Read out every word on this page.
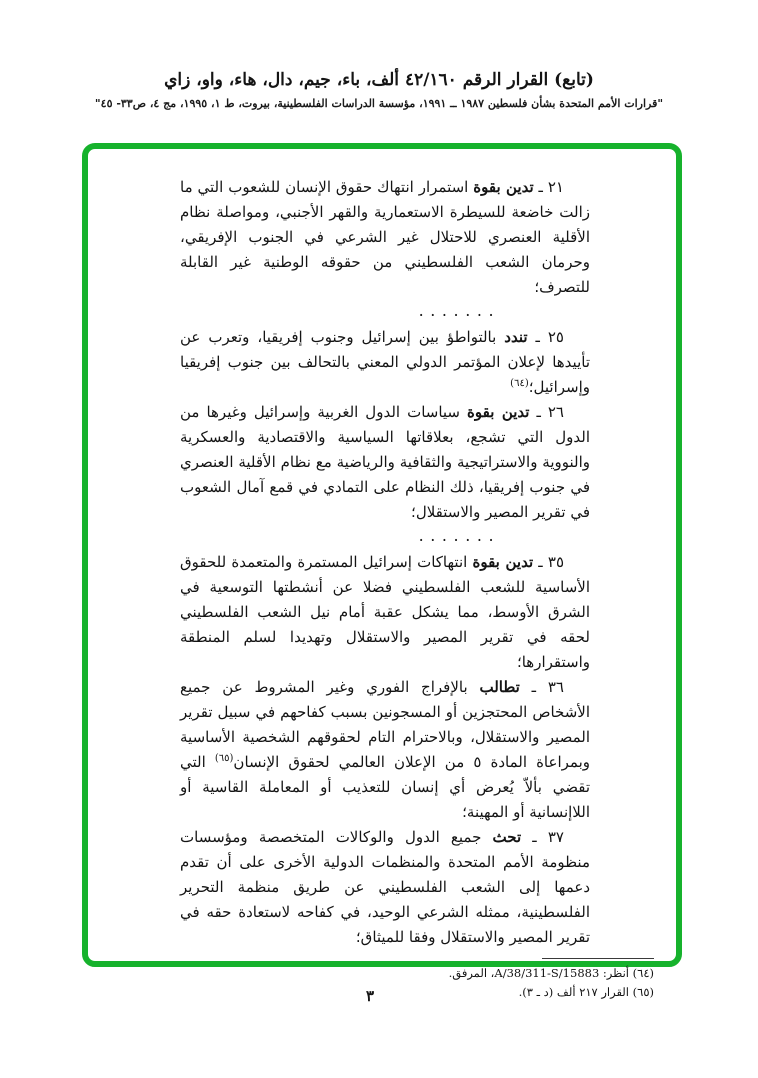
(تابع) القرار الرقم ٤٢/١٦٠ ألف، باء، جيم، دال، هاء، واو، زاي
"قرارات الأمم المتحدة بشأن فلسطين ١٩٨٧ ــ ١٩٩١، مؤسسة الدراسات الفلسطينية، بيروت، ط ١، ١٩٩٥، مج ٤، ص٣٣- ٤٥"

٢١ ـ تدين بقوة استمرار انتهاك حقوق الإنسان للشعوب التي ما زالت خاضعة للسيطرة الاستعمارية والقهر الأجنبي، ومواصلة نظام الأقلية العنصري للاحتلال غير الشرعي في الجنوب الإفريقي، وحرمان الشعب الفلسطيني من حقوقه الوطنية غير القابلة للتصرف؛

. . . . . . .

٢٥ ـ تندد بالتواطؤ بين إسرائيل وجنوب إفريقيا، وتعرب عن تأييدها لإعلان المؤتمر الدولي المعني بالتحالف بين جنوب إفريقيا وإسرائيل؛$^{(٦٤)}$

٢٦ ـ تدين بقوة سياسات الدول الغربية وإسرائيل وغيرها من الدول التي تشجع، بعلاقاتها السياسية والاقتصادية والعسكرية والنووية والاستراتيجية والثقافية والرياضية مع نظام الأقلية العنصري في جنوب إفريقيا، ذلك النظام على التمادي في قمع آمال الشعوب في تقرير المصير والاستقلال؛

. . . . . . .

٣٥ ـ تدين بقوة انتهاكات إسرائيل المستمرة والمتعمدة للحقوق الأساسية للشعب الفلسطيني فضلا عن أنشطتها التوسعية في الشرق الأوسط، مما يشكل عقبة أمام نيل الشعب الفلسطيني لحقه في تقرير المصير والاستقلال وتهديدا لسلم المنطقة واستقرارها؛

٣٦ ـ تطالب بالإفراج الفوري وغير المشروط عن جميع الأشخاص المحتجزين أو المسجونين بسبب كفاحهم في سبيل تقرير المصير والاستقلال، وبالاحترام التام لحقوقهم الشخصية الأساسية وبمراعاة المادة ٥ من الإعلان العالمي لحقوق الإنسان$^{(٦٥)}$ التي تقضي بألاّ يُعرض أي إنسان للتعذيب أو المعاملة القاسية أو اللاإنسانية أو المهينة؛

٣٧ ـ تحث جميع الدول والوكالات المتخصصة ومؤسسات منظومة الأمم المتحدة والمنظمات الدولية الأخرى على أن تقدم دعمها إلى الشعب الفلسطيني عن طريق منظمة التحرير الفلسطينية، ممثله الشرعي الوحيد، في كفاحه لاستعادة حقه في تقرير المصير والاستقلال وفقا للميثاق؛

(٦٤) أنظر: A/38/311-S/15883، المرفق.
(٦٥) القرار ٢١٧ ألف (د ـ ٣).
٣
